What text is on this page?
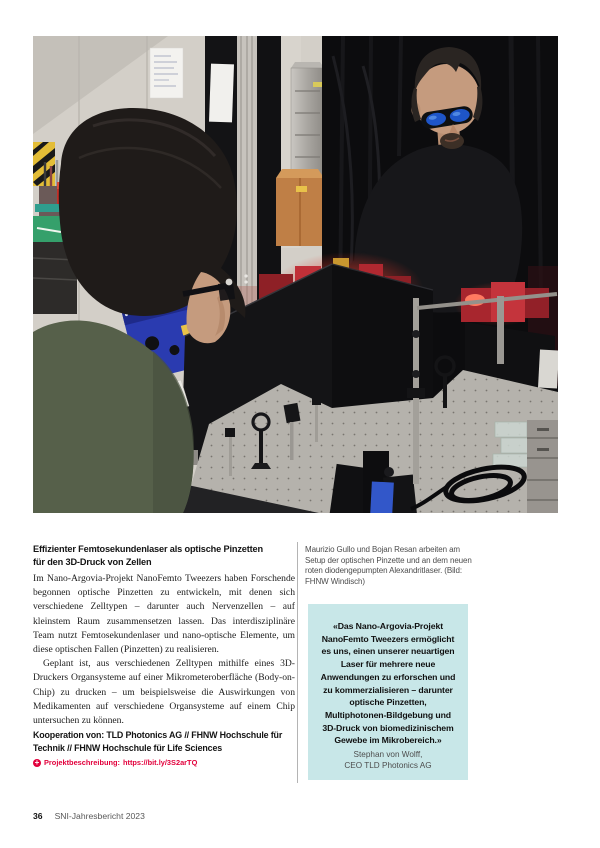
Effizienter Femtosekundenlaser als optische Pinzetten
für den 3D-Druck von Zellen

Im Nano-Argovia-Projekt NanoFemto Tweezers haben Forschende begonnen optische Pinzetten zu entwickeln, mit denen sich verschiedene Zelltypen – darunter auch Nervenzellen – auf kleinstem Raum zusammensetzen lassen. Das interdisziplinäre Team nutzt Femtosekundenlaser und nano-optische Elemente, um diese optischen Fallen (Pinzetten) zu realisieren.

Geplant ist, aus verschiedenen Zelltypen mithilfe eines 3D-Druckers Organsysteme auf einer Mikrometeroberfläche (Body-on-Chip) zu drucken – um beispielsweise die Auswirkungen von Medikamenten auf verschiedene Organsysteme auf einem Chip untersuchen zu können.

Kooperation von: TLD Photonics AG // FHNW Hochschule für Technik // FHNW Hochschule für Life Sciences
+ Projektbeschreibung: https://bit.ly/3S2arTQ
Maurizio Gullo und Bojan Resan arbeiten am Setup der optischen Pinzette und an dem neuen roten diodengepumpten Alexandritlaser. (Bild: FHNW Windisch)
«Das Nano-Argovia-Projekt NanoFemto Tweezers ermöglicht es uns, einen unserer neuartigen Laser für mehrere neue Anwendungen zu erforschen und zu kommerzialisieren – darunter optische Pinzetten, Multiphotonen-Bildgebung und 3D-Druck von biomedizinischem Gewebe im Mikrobereich.»
Stephan von Wolff,
CEO TLD Photonics AG
36 SNI-Jahresbericht 2023
